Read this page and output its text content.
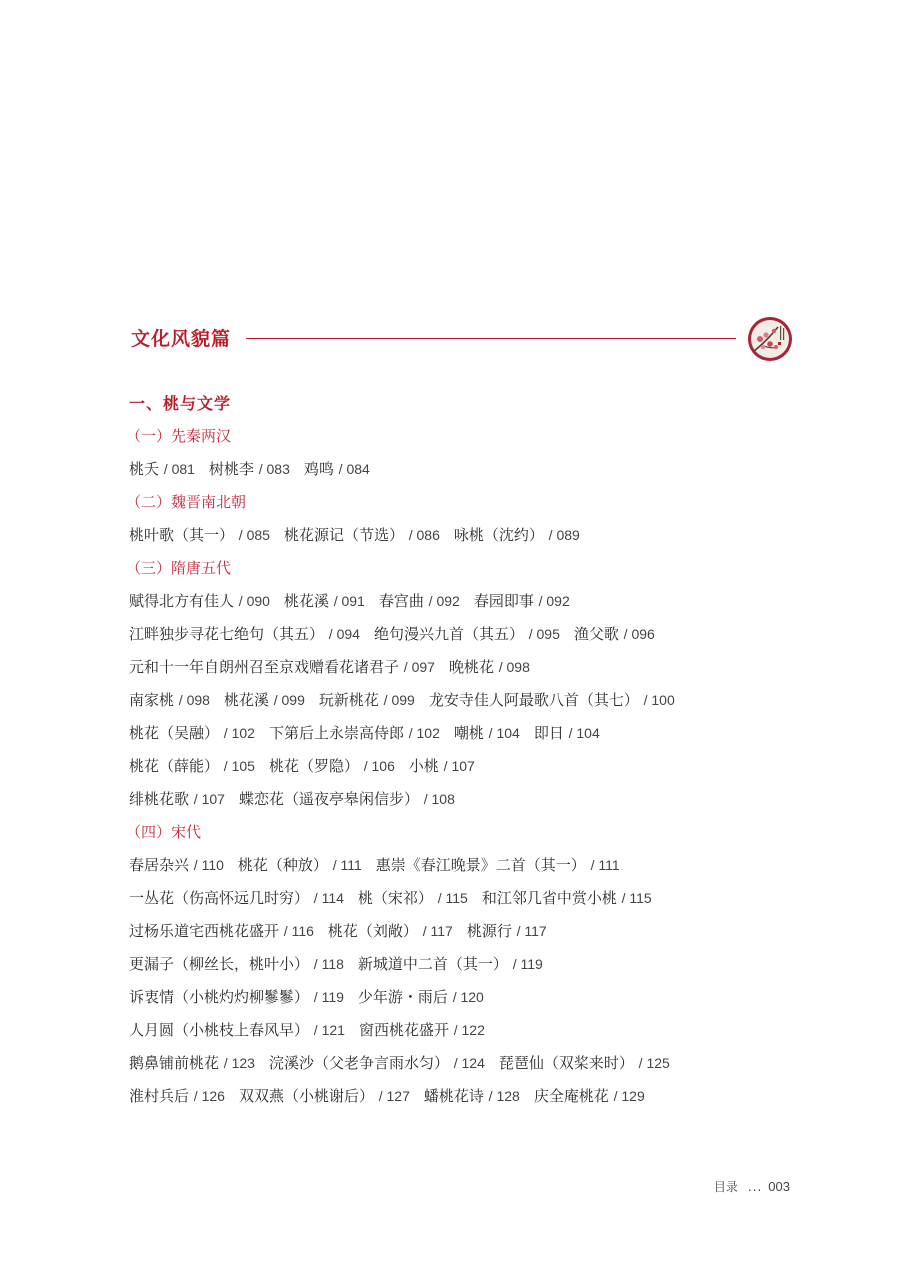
文化风貌篇
一、桃与文学
（一）先秦两汉
桃夭 / 081 树桃李 / 083 鸡鸣 / 084
（二）魏晋南北朝
桃叶歌（其一） / 085 桃花源记（节选） / 086 咏桃（沈约） / 089
（三）隋唐五代
赋得北方有佳人 / 090 桃花溪 / 091 春宫曲 / 092 春园即事 / 092
江畔独步寻花七绝句（其五） / 094 绝句漫兴九首（其五） / 095 渔父歌 / 096
元和十一年自朗州召至京戏赠看花诸君子 / 097 晚桃花 / 098
南家桃 / 098 桃花溪 / 099 玩新桃花 / 099 龙安寺佳人阿最歌八首（其七） / 100
桃花（吴融） / 102 下第后上永崇高侍郎 / 102 嘲桃 / 104 即日 / 104
桃花（薛能） / 105 桃花（罗隐） / 106 小桃 / 107
绯桃花歌 / 107 蝶恋花（遥夜亭皋闲信步） / 108
（四）宋代
春居杂兴 / 110 桃花（种放） / 111 惠崇《春江晚景》二首（其一） / 111
一丛花（伤高怀远几时穷） / 114 桃（宋祁） / 115 和江邻几省中赏小桃 / 115
过杨乐道宅西桃花盛开 / 116 桃花（刘敞） / 117 桃源行 / 117
更漏子（柳丝长，桃叶小） / 118 新城道中二首（其一） / 119
诉衷情（小桃灼灼柳鬖鬖） / 119 少年游・雨后 / 120
人月圆（小桃枝上春风早） / 121 窗西桃花盛开 / 122
鹅鼻铺前桃花 / 123 浣溪沙（父老争言雨水匀） / 124 琵琶仙（双桨来时） / 125
淮村兵后 / 126 双双燕（小桃谢后） / 127 蟠桃花诗 / 128 庆全庵桃花 / 129
目录 ... 003
